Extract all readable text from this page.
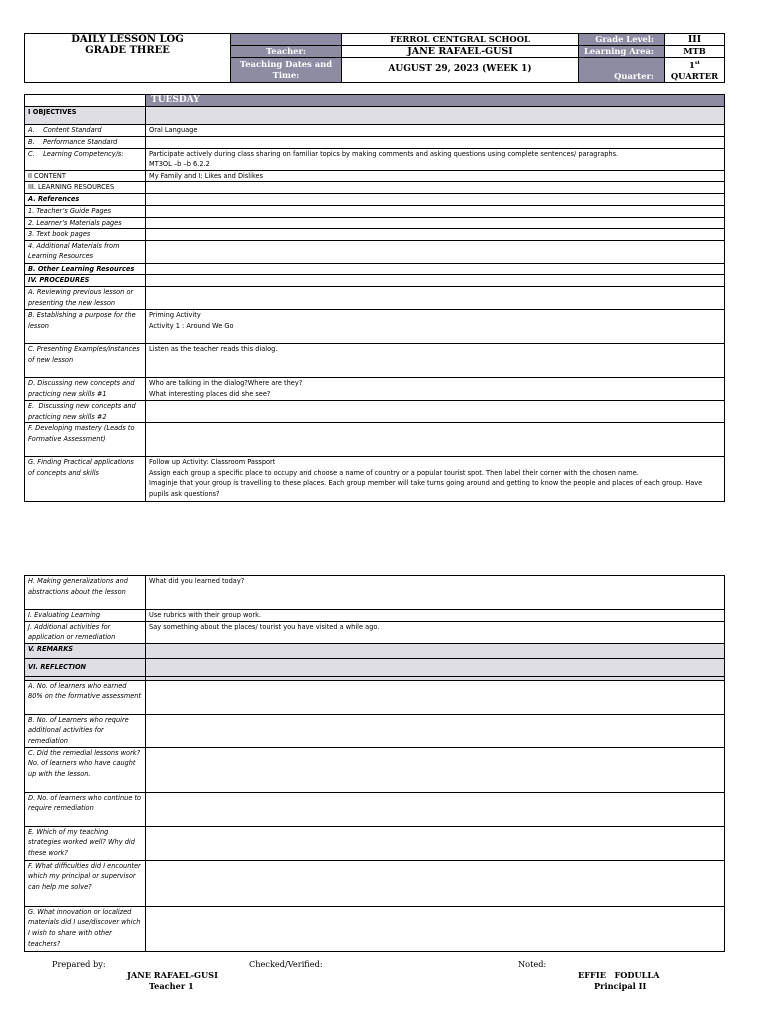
DAILY LESSON LOG
GRADE THREE		FERROL CENTGRAL SCHOOL	Grade Level:	III
	Teacher:	JANE RAFAEL-GUSI	Learning Area:	MTB
	Teaching Dates and Time:	AUGUST 29, 2023 (WEEK 1)	Quarter:	1st
QUARTER
	TUESDAY
I OBJECTIVES	
A.    Content Standard	Oral Language
B.    Performance Standard	
C.    Learning Competency/s:	Participate actively during class sharing on familiar topics by making comments and asking questions using complete sentences/ paragraphs.
MT3OL –b –b 6.2.2

II CONTENT	My Family and I: Likes and Dislikes
III. LEARNING RESOURCES	
A. References	
1. Teacher’s Guide Pages	
2. Learner’s Materials pages	
3. Text book pages	
4. Additional Materials from Learning Resources	
B. Other Learning Resources	
IV. PROCEDURES	
A. Reviewing previous lesson or presenting the new lesson	
B. Establishing a purpose for the lesson	Priming Activity
Activity 1 : Around We Go

C. Presenting Examples/instances of new lesson	Listen as the teacher reads this dialog.
D. Discussing new concepts and practicing new skills #1	Who are talking in the dialog?Where are they?
What interesting places did she see?

E.  Discussing new concepts and practicing new skills #2	
F. Developing mastery (Leads to Formative Assessment)	
G. Finding Practical applications of concepts and skills	Follow up Activity: Classroom Passport
Assign each group a specific place to occupy and choose a name of country or a popular tourist spot. Then label their corner with the chosen name.
Imaginje that your group is travelling to these places. Each group member will take turns going around and getting to know the people and places of each group. Have pupils ask questions?
H. Making generalizations and abstractions about the lesson	What did you learned today?
I. Evaluating Learning	Use rubrics with their group work.
J. Additional activities for application or remediation	Say something about the places/ tourist you have visited a while ago.
V. REMARKS	
VI. REFLECTION	

A. No. of learners who earned 80% on the formative assessment	
B. No. of Learners who require additional activities for remediation	
C. Did the remedial lessons work? No. of learners who have caught up with the lesson.	
D. No. of learners who continue to require remediation	
E. Which of my teaching strategies worked well? Why did these work?	
F. What difficulties did I encounter which my principal or supervisor can help me solve?	
G. What innovation or localized materials did I use/discover which I wish to share with other teachers?	
Prepared by:
JANE RAFAEL-GUSI
Teacher 1
Checked/Verified:	Noted:
EFFIE   FODULLA
Principal II
